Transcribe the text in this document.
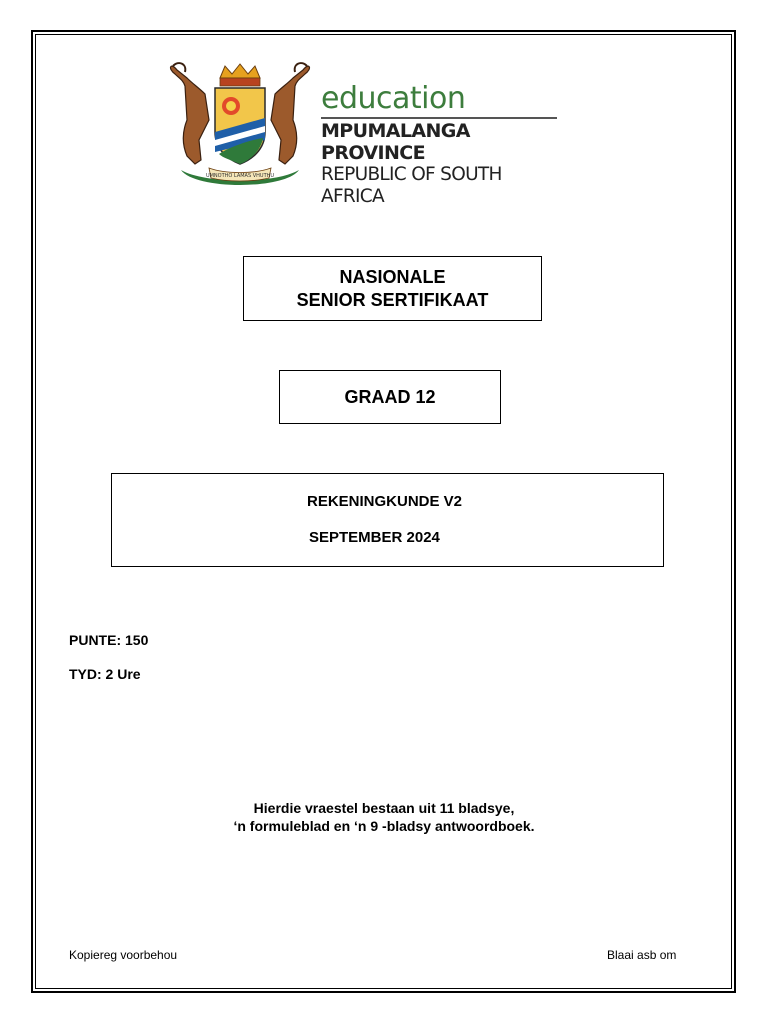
UMNOTHO LAMAS VHUTHU
education
MPUMALANGA PROVINCE
REPUBLIC OF SOUTH AFRICA
NASIONALE
SENIOR SERTIFIKAAT
GRAAD 12
REKENINGKUNDE V2
SEPTEMBER 2024
PUNTE: 150
TYD: 2 Ure
Hierdie vraestel bestaan uit 11 bladsye,
‘n formuleblad en ‘n 9 -bladsy antwoordboek.
Kopiereg voorbehou	Blaai asb om
